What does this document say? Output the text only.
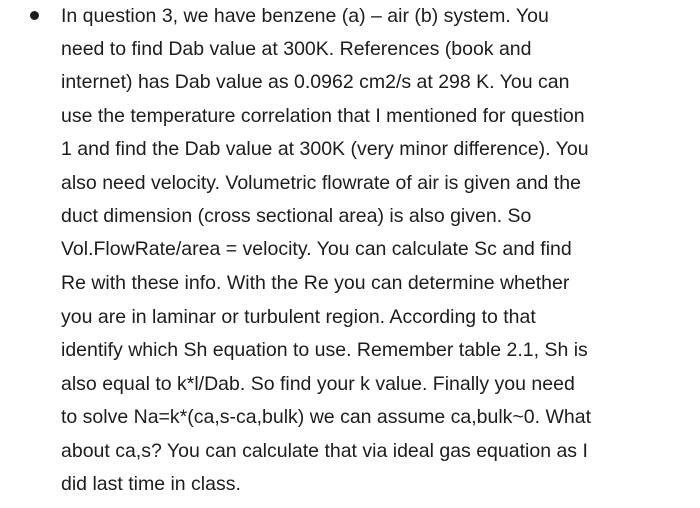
In question 3, we have benzene (a) – air (b) system. You
need to find Dab value at 300K. References (book and
internet) has Dab value as 0.0962 cm2/s at 298 K. You can
use the temperature correlation that I mentioned for question
1 and find the Dab value at 300K (very minor difference). You
also need velocity. Volumetric flowrate of air is given and the
duct dimension (cross sectional area) is also given. So
Vol.FlowRate/area = velocity. You can calculate Sc and find
Re with these info. With the Re you can determine whether
you are in laminar or turbulent region. According to that
identify which Sh equation to use. Remember table 2.1, Sh is
also equal to k*l/Dab. So find your k value. Finally you need
to solve Na=k*(ca,s-ca,bulk) we can assume ca,bulk~0. What
about ca,s? You can calculate that via ideal gas equation as I
did last time in class.
